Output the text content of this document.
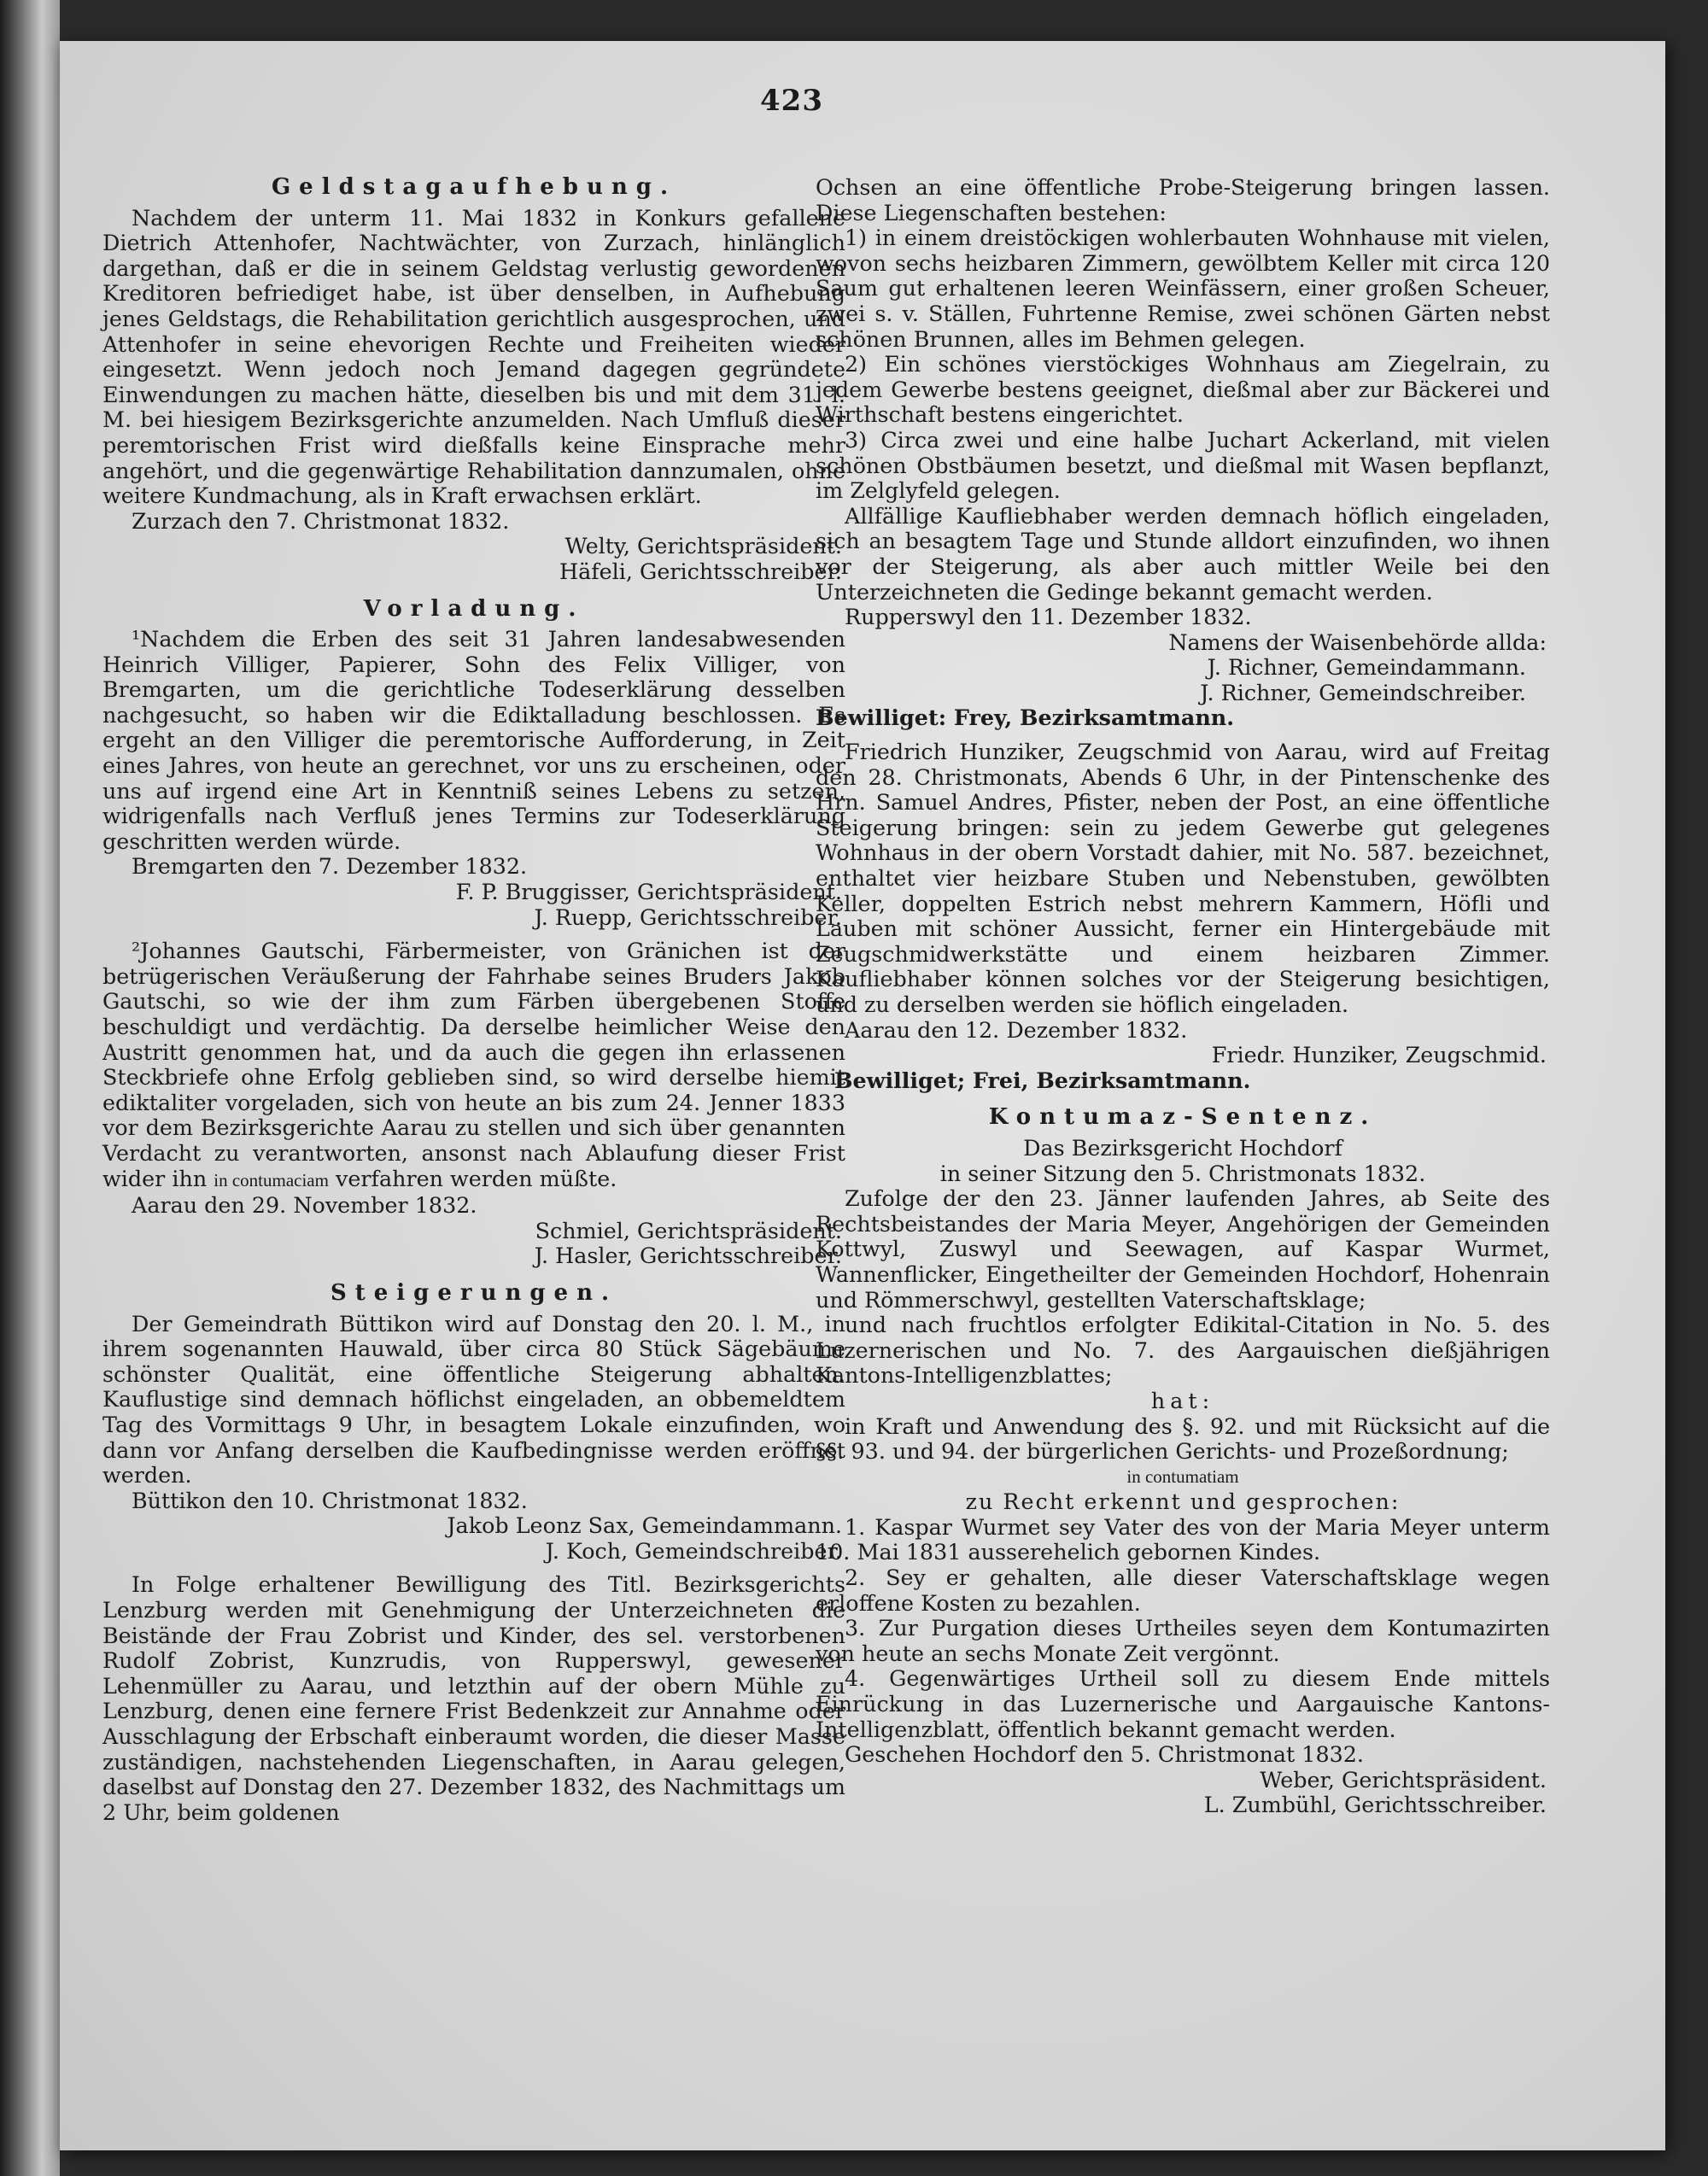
423
Geldstagaufhebung.

Nachdem der unterm 11. Mai 1832 in Konkurs gefallene Dietrich Attenhofer, Nachtwächter, von Zurzach, hinlänglich dargethan, daß er die in seinem Geldstag verlustig gewordenen Kreditoren befriediget habe, ist über denselben, in Aufhebung jenes Geldstags, die Rehabilitation gerichtlich ausgesprochen, und Attenhofer in seine ehevorigen Rechte und Freiheiten wieder eingesetzt. Wenn jedoch noch Jemand dagegen gegründete Einwendungen zu machen hätte, dieselben bis und mit dem 31. l. M. bei hiesigem Bezirksgerichte anzumelden. Nach Umfluß dieser peremtorischen Frist wird dießfalls keine Einsprache mehr angehört, und die gegenwärtige Rehabilitation dannzumalen, ohne weitere Kundmachung, als in Kraft erwachsen erklärt.

Zurzach den 7. Christmonat 1832.

Welty, Gerichtspräsident.

Häfeli, Gerichtsschreiber.

Vorladung.

¹Nachdem die Erben des seit 31 Jahren landesabwesenden Heinrich Villiger, Papierer, Sohn des Felix Villiger, von Bremgarten, um die gerichtliche Todeserklärung desselben nachgesucht, so haben wir die Ediktalladung beschlossen. Es ergeht an den Villiger die peremtorische Aufforderung, in Zeit eines Jahres, von heute an gerechnet, vor uns zu erscheinen, oder uns auf irgend eine Art in Kenntniß seines Lebens zu setzen, widrigenfalls nach Verfluß jenes Termins zur Todeserklärung geschritten werden würde.

Bremgarten den 7. Dezember 1832.

F. P. Bruggisser, Gerichtspräsident.

J. Ruepp, Gerichtsschreiber.

²Johannes Gautschi, Färbermeister, von Gränichen ist der betrügerischen Veräußerung der Fahrhabe seines Bruders Jakob Gautschi, so wie der ihm zum Färben übergebenen Stoffe beschuldigt und verdächtig. Da derselbe heimlicher Weise den Austritt genommen hat, und da auch die gegen ihn erlassenen Steckbriefe ohne Erfolg geblieben sind, so wird derselbe hiemit ediktaliter vorgeladen, sich von heute an bis zum 24. Jenner 1833 vor dem Bezirksgerichte Aarau zu stellen und sich über genannten Verdacht zu verantworten, ansonst nach Ablaufung dieser Frist wider ihn in contumaciam verfahren werden müßte.

Aarau den 29. November 1832.

Schmiel, Gerichtspräsident.

J. Hasler, Gerichtsschreiber.

Steigerungen.

Der Gemeindrath Büttikon wird auf Donstag den 20. l. M., in ihrem sogenannten Hauwald, über circa 80 Stück Sägebäume schönster Qualität, eine öffentliche Steigerung abhalten. Kauflustige sind demnach höflichst eingeladen, an obbemeldtem Tag des Vormittags 9 Uhr, in besagtem Lokale einzufinden, wo dann vor Anfang derselben die Kaufbedingnisse werden eröffnet werden.

Büttikon den 10. Christmonat 1832.

Jakob Leonz Sax, Gemeindammann.

J. Koch, Gemeindschreiber.

In Folge erhaltener Bewilligung des Titl. Bezirksgerichts Lenzburg werden mit Genehmigung der Unterzeichneten die Beistände der Frau Zobrist und Kinder, des sel. verstorbenen Rudolf Zobrist, Kunzrudis, von Rupperswyl, gewesener Lehenmüller zu Aarau, und letzthin auf der obern Mühle zu Lenzburg, denen eine fernere Frist Bedenkzeit zur Annahme oder Ausschlagung der Erbschaft einberaumt worden, die dieser Masse zuständigen, nachstehenden Liegenschaften, in Aarau gelegen, daselbst auf Donstag den 27. Dezember 1832, des Nachmittags um 2 Uhr, beim goldenen

Ochsen an eine öffentliche Probe-Steigerung bringen lassen. Diese Liegenschaften bestehen:

1) in einem dreistöckigen wohlerbauten Wohnhause mit vielen, wovon sechs heizbaren Zimmern, gewölbtem Keller mit circa 120 Saum gut erhaltenen leeren Weinfässern, einer großen Scheuer, zwei s. v. Ställen, Fuhrtenne Remise, zwei schönen Gärten nebst schönen Brunnen, alles im Behmen gelegen.

2) Ein schönes vierstöckiges Wohnhaus am Ziegelrain, zu jedem Gewerbe bestens geeignet, dießmal aber zur Bäckerei und Wirthschaft bestens eingerichtet.

3) Circa zwei und eine halbe Juchart Ackerland, mit vielen schönen Obstbäumen besetzt, und dießmal mit Wasen bepflanzt, im Zelglyfeld gelegen.

Allfällige Kaufliebhaber werden demnach höflich eingeladen, sich an besagtem Tage und Stunde alldort einzufinden, wo ihnen vor der Steigerung, als aber auch mittler Weile bei den Unterzeichneten die Gedinge bekannt gemacht werden.

Rupperswyl den 11. Dezember 1832.

Namens der Waisenbehörde allda:

J. Richner, Gemeindammann.

J. Richner, Gemeindschreiber.

Bewilliget: Frey, Bezirksamtmann.

Friedrich Hunziker, Zeugschmid von Aarau, wird auf Freitag den 28. Christmonats, Abends 6 Uhr, in der Pintenschenke des Hrn. Samuel Andres, Pfister, neben der Post, an eine öffentliche Steigerung bringen: sein zu jedem Gewerbe gut gelegenes Wohnhaus in der obern Vorstadt dahier, mit No. 587. bezeichnet, enthaltet vier heizbare Stuben und Nebenstuben, gewölbten Keller, doppelten Estrich nebst mehrern Kammern, Höfli und Lauben mit schöner Aussicht, ferner ein Hintergebäude mit Zeugschmidwerkstätte und einem heizbaren Zimmer. Kaufliebhaber können solches vor der Steigerung besichtigen, und zu derselben werden sie höflich eingeladen.

Aarau den 12. Dezember 1832.

Friedr. Hunziker, Zeugschmid.

Bewilliget; Frei, Bezirksamtmann.

Kontumaz-Sentenz.

Das Bezirksgericht Hochdorf

in seiner Sitzung den 5. Christmonats 1832.

Zufolge der den 23. Jänner laufenden Jahres, ab Seite des Rechtsbeistandes der Maria Meyer, Angehörigen der Gemeinden Kottwyl, Zuswyl und Seewagen, auf Kaspar Wurmet, Wannenflicker, Eingetheilter der Gemeinden Hochdorf, Hohenrain und Römmerschwyl, gestellten Vaterschaftsklage;

und nach fruchtlos erfolgter Edikital-Citation in No. 5. des Luzernerischen und No. 7. des Aargauischen dießjährigen Kantons-Intelligenzblattes;

hat:

in Kraft und Anwendung des §. 92. und mit Rücksicht auf die §§. 93. und 94. der bürgerlichen Gerichts- und Prozeßordnung;

in contumatiam

zu Recht erkennt und gesprochen:

1. Kaspar Wurmet sey Vater des von der Maria Meyer unterm 10. Mai 1831 ausserehelich gebornen Kindes.

2. Sey er gehalten, alle dieser Vaterschaftsklage wegen erloffene Kosten zu bezahlen.

3. Zur Purgation dieses Urtheiles seyen dem Kontumazirten von heute an sechs Monate Zeit vergönnt.

4. Gegenwärtiges Urtheil soll zu diesem Ende mittels Einrückung in das Luzernerische und Aargauische Kantons-Intelligenzblatt, öffentlich bekannt gemacht werden.

Geschehen Hochdorf den 5. Christmonat 1832.

Weber, Gerichtspräsident.

L. Zumbühl, Gerichtsschreiber.
